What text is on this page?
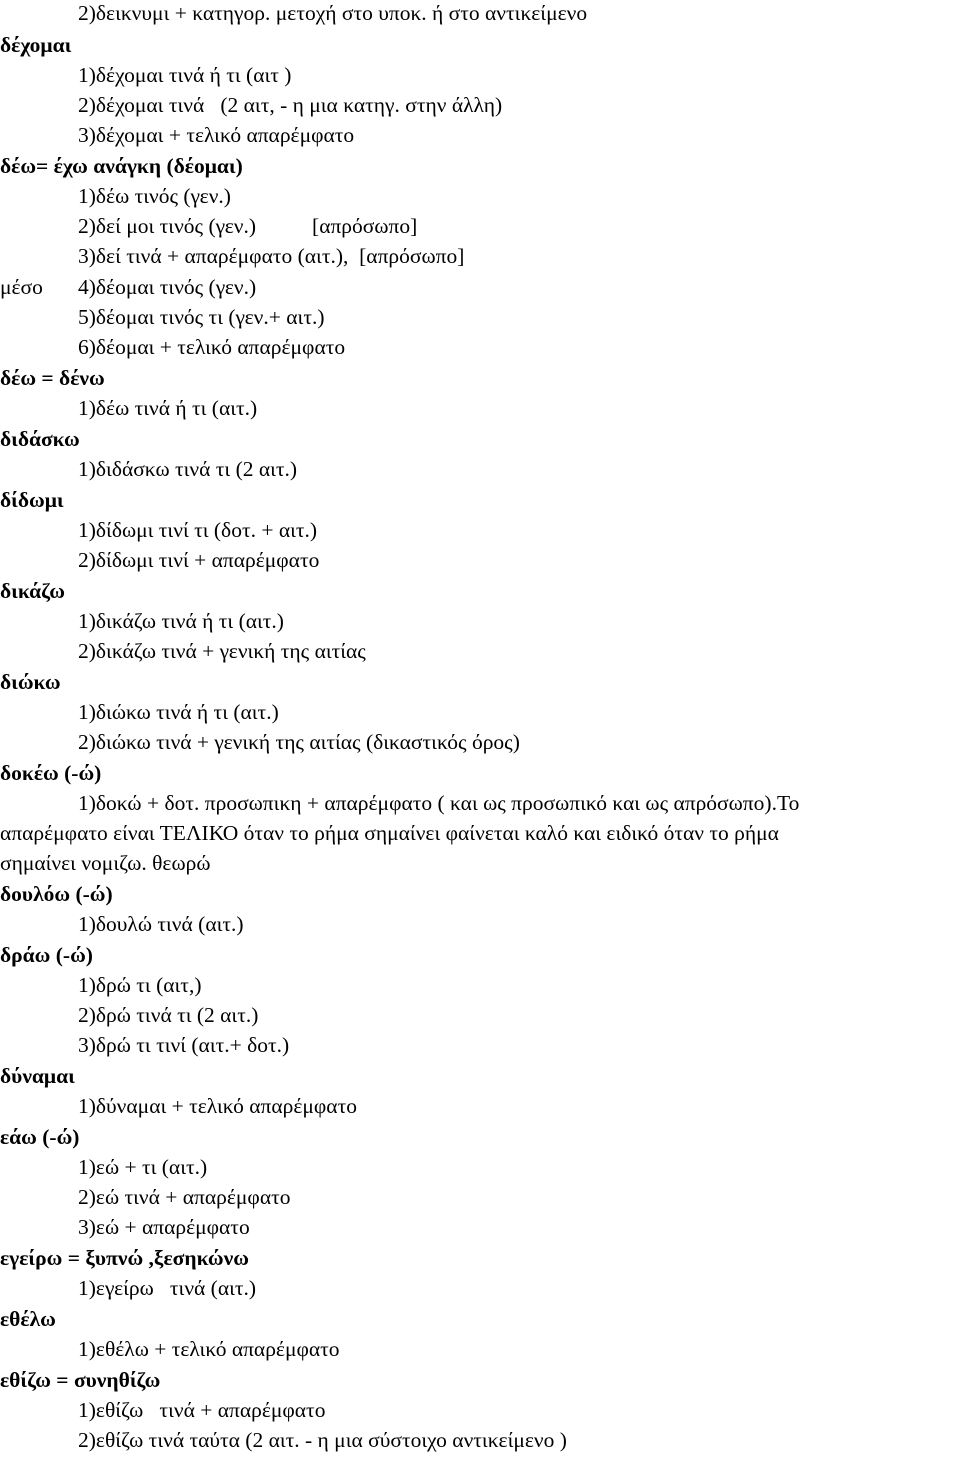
2)δεικνυμι + κατηγορ. μετοχή στο υποκ. ή στο αντικείμενο
δέχομαι
1)δέχομαι τινά ή τι (αιτ )
2)δέχομαι τινά   (2 αιτ, - η μια κατηγ. στην άλλη)
3)δέχομαι + τελικό απαρέμφατο
δέω= έχω ανάγκη (δέομαι)
1)δέω τινός (γεν.)
2)δεί μοι τινός (γεν.)	[απρόσωπο]
3)δεί τινά + απαρέμφατο (αιτ.),  [απρόσωπο]
μέσο 4)δέομαι τινός (γεν.)
5)δέομαι τινός τι (γεν.+ αιτ.)
6)δέομαι + τελικό απαρέμφατο
δέω = δένω
1)δέω τινά ή τι (αιτ.)
διδάσκω
1)διδάσκω τινά τι (2 αιτ.)
δίδωμι
1)δίδωμι τινί τι (δοτ. + αιτ.)
2)δίδωμι τινί + απαρέμφατο
δικάζω
1)δικάζω τινά ή τι (αιτ.)
2)δικάζω τινά + γενική της αιτίας
διώκω
1)διώκω τινά ή τι (αιτ.)
2)διώκω τινά + γενική της αιτίας (δικαστικός όρος)
δοκέω (-ώ)
1)δοκώ + δοτ. προσωπικη + απαρέμφατο ( και ως προσωπικό και ως απρόσωπο).Το
απαρέμφατο είναι ΤΕΛΙΚΟ όταν το ρήμα σημαίνει φαίνεται καλό και ειδικό όταν το ρήμα
σημαίνει νομιζω. θεωρώ
δουλόω (-ώ)
1)δουλώ τινά (αιτ.)
δράω (-ώ)
1)δρώ τι (αιτ,)
2)δρώ τινά τι (2 αιτ.)
3)δρώ τι τινί (αιτ.+ δοτ.)
δύναμαι
1)δύναμαι + τελικό απαρέμφατο
εάω (-ώ)
1)εώ + τι (αιτ.)
2)εώ τινά + απαρέμφατο
3)εώ + απαρέμφατο
εγείρω = ξυπνώ ,ξεσηκώνω
1)εγείρω   τινά (αιτ.)
εθέλω
1)εθέλω + τελικό απαρέμφατο
εθίζω = συνηθίζω
1)εθίζω   τινά + απαρέμφατο
2)εθίζω τινά ταύτα (2 αιτ. - η μια σύστοιχο αντικείμενο )
